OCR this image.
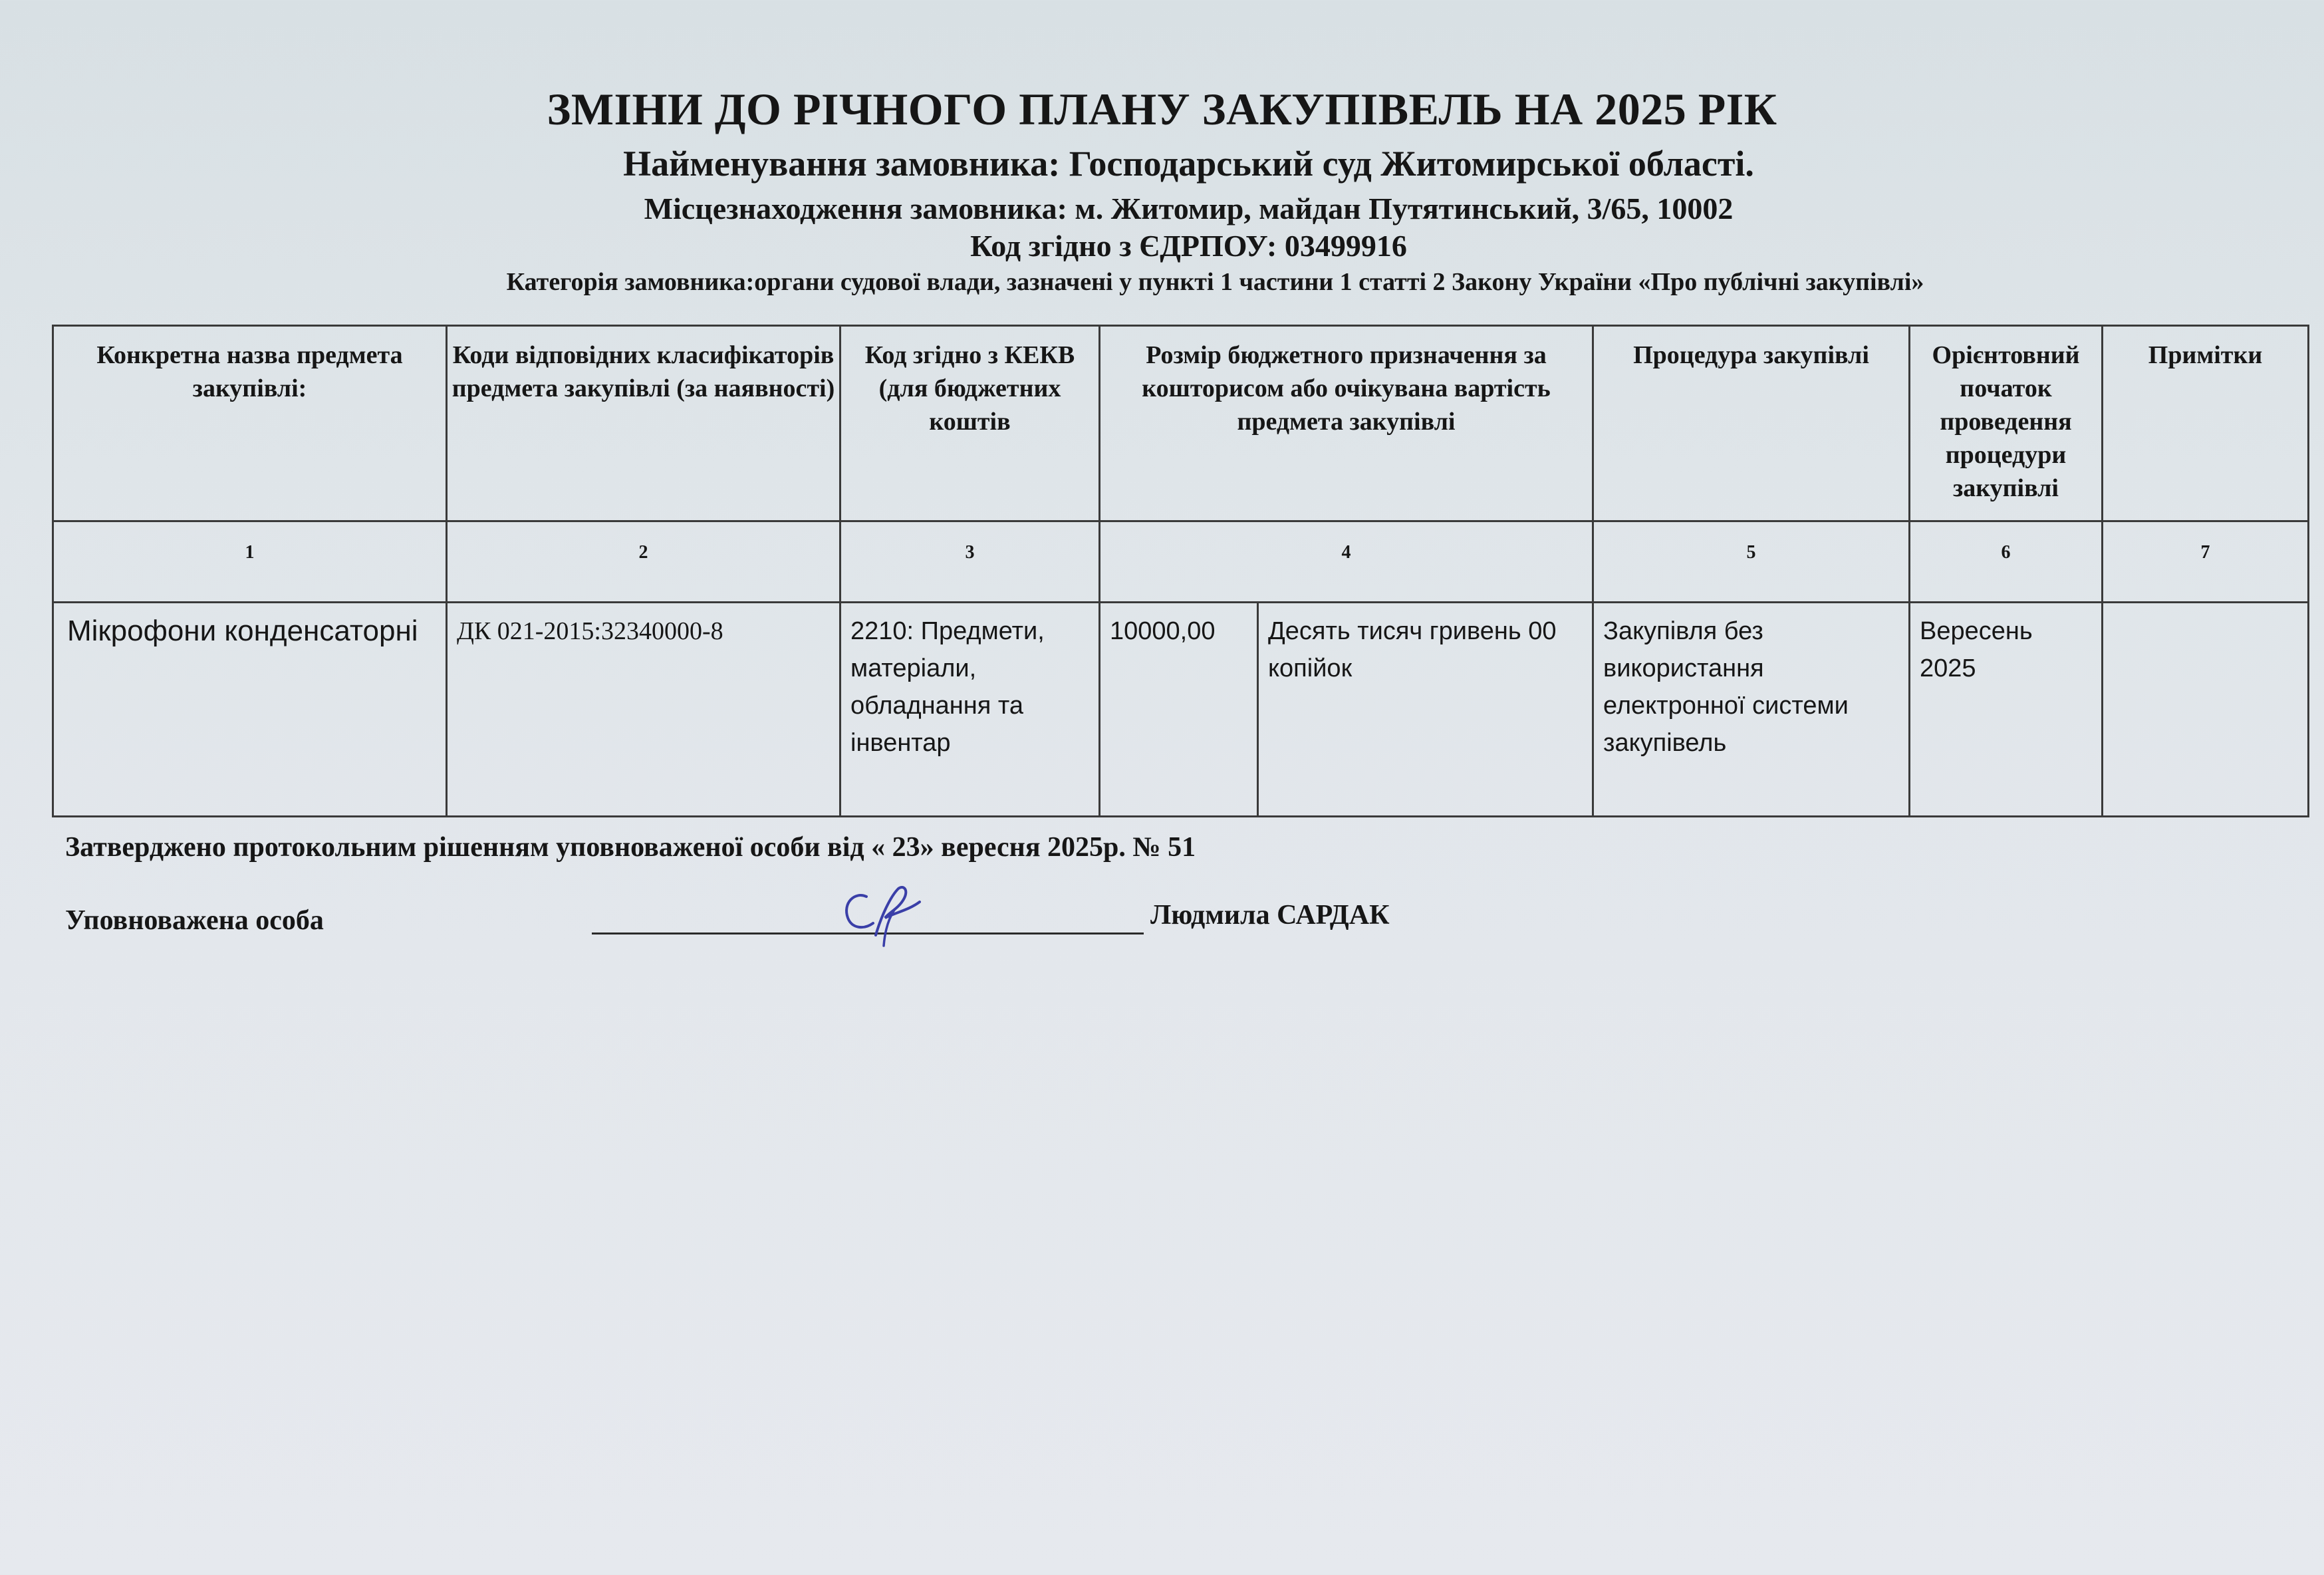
ЗМІНИ ДО РІЧНОГО ПЛАНУ ЗАКУПІВЕЛЬ НА 2025 РІК
Найменування замовника: Господарський суд Житомирської області.
Місцезнаходження замовника: м. Житомир, майдан Путятинський, 3/65, 10002
Код згідно з ЄДРПОУ: 03499916
Категорія замовника:органи судової влади, зазначені у пункті 1 частини 1 статті 2 Закону України «Про публічні закупівлі»
Конкретна назва предмета закупівлі:	Коди відповідних класифікаторів предмета закупівлі (за наявності)	Код згідно з КЕКВ (для бюджетних коштів	Розмір бюджетного призначення за кошторисом або очікувана вартість предмета закупівлі		Процедура закупівлі	Орієнтовний початок проведення процедури закупівлі	Примітки
1	2	3	4		5	6	7
Мікрофони конденсаторні	ДК 021-2015:32340000-8	2210: Предмети, матеріали, обладнання та інвентар	10000,00	Десять тисяч гривень 00 копійок	Закупівля без використання електронної системи закупівель	Вересень 2025	
Затверджено протокольним рішенням уповноваженої особи від « 23» вересня 2025р. № 51
Уповноважена особа	Людмила САРДАК
